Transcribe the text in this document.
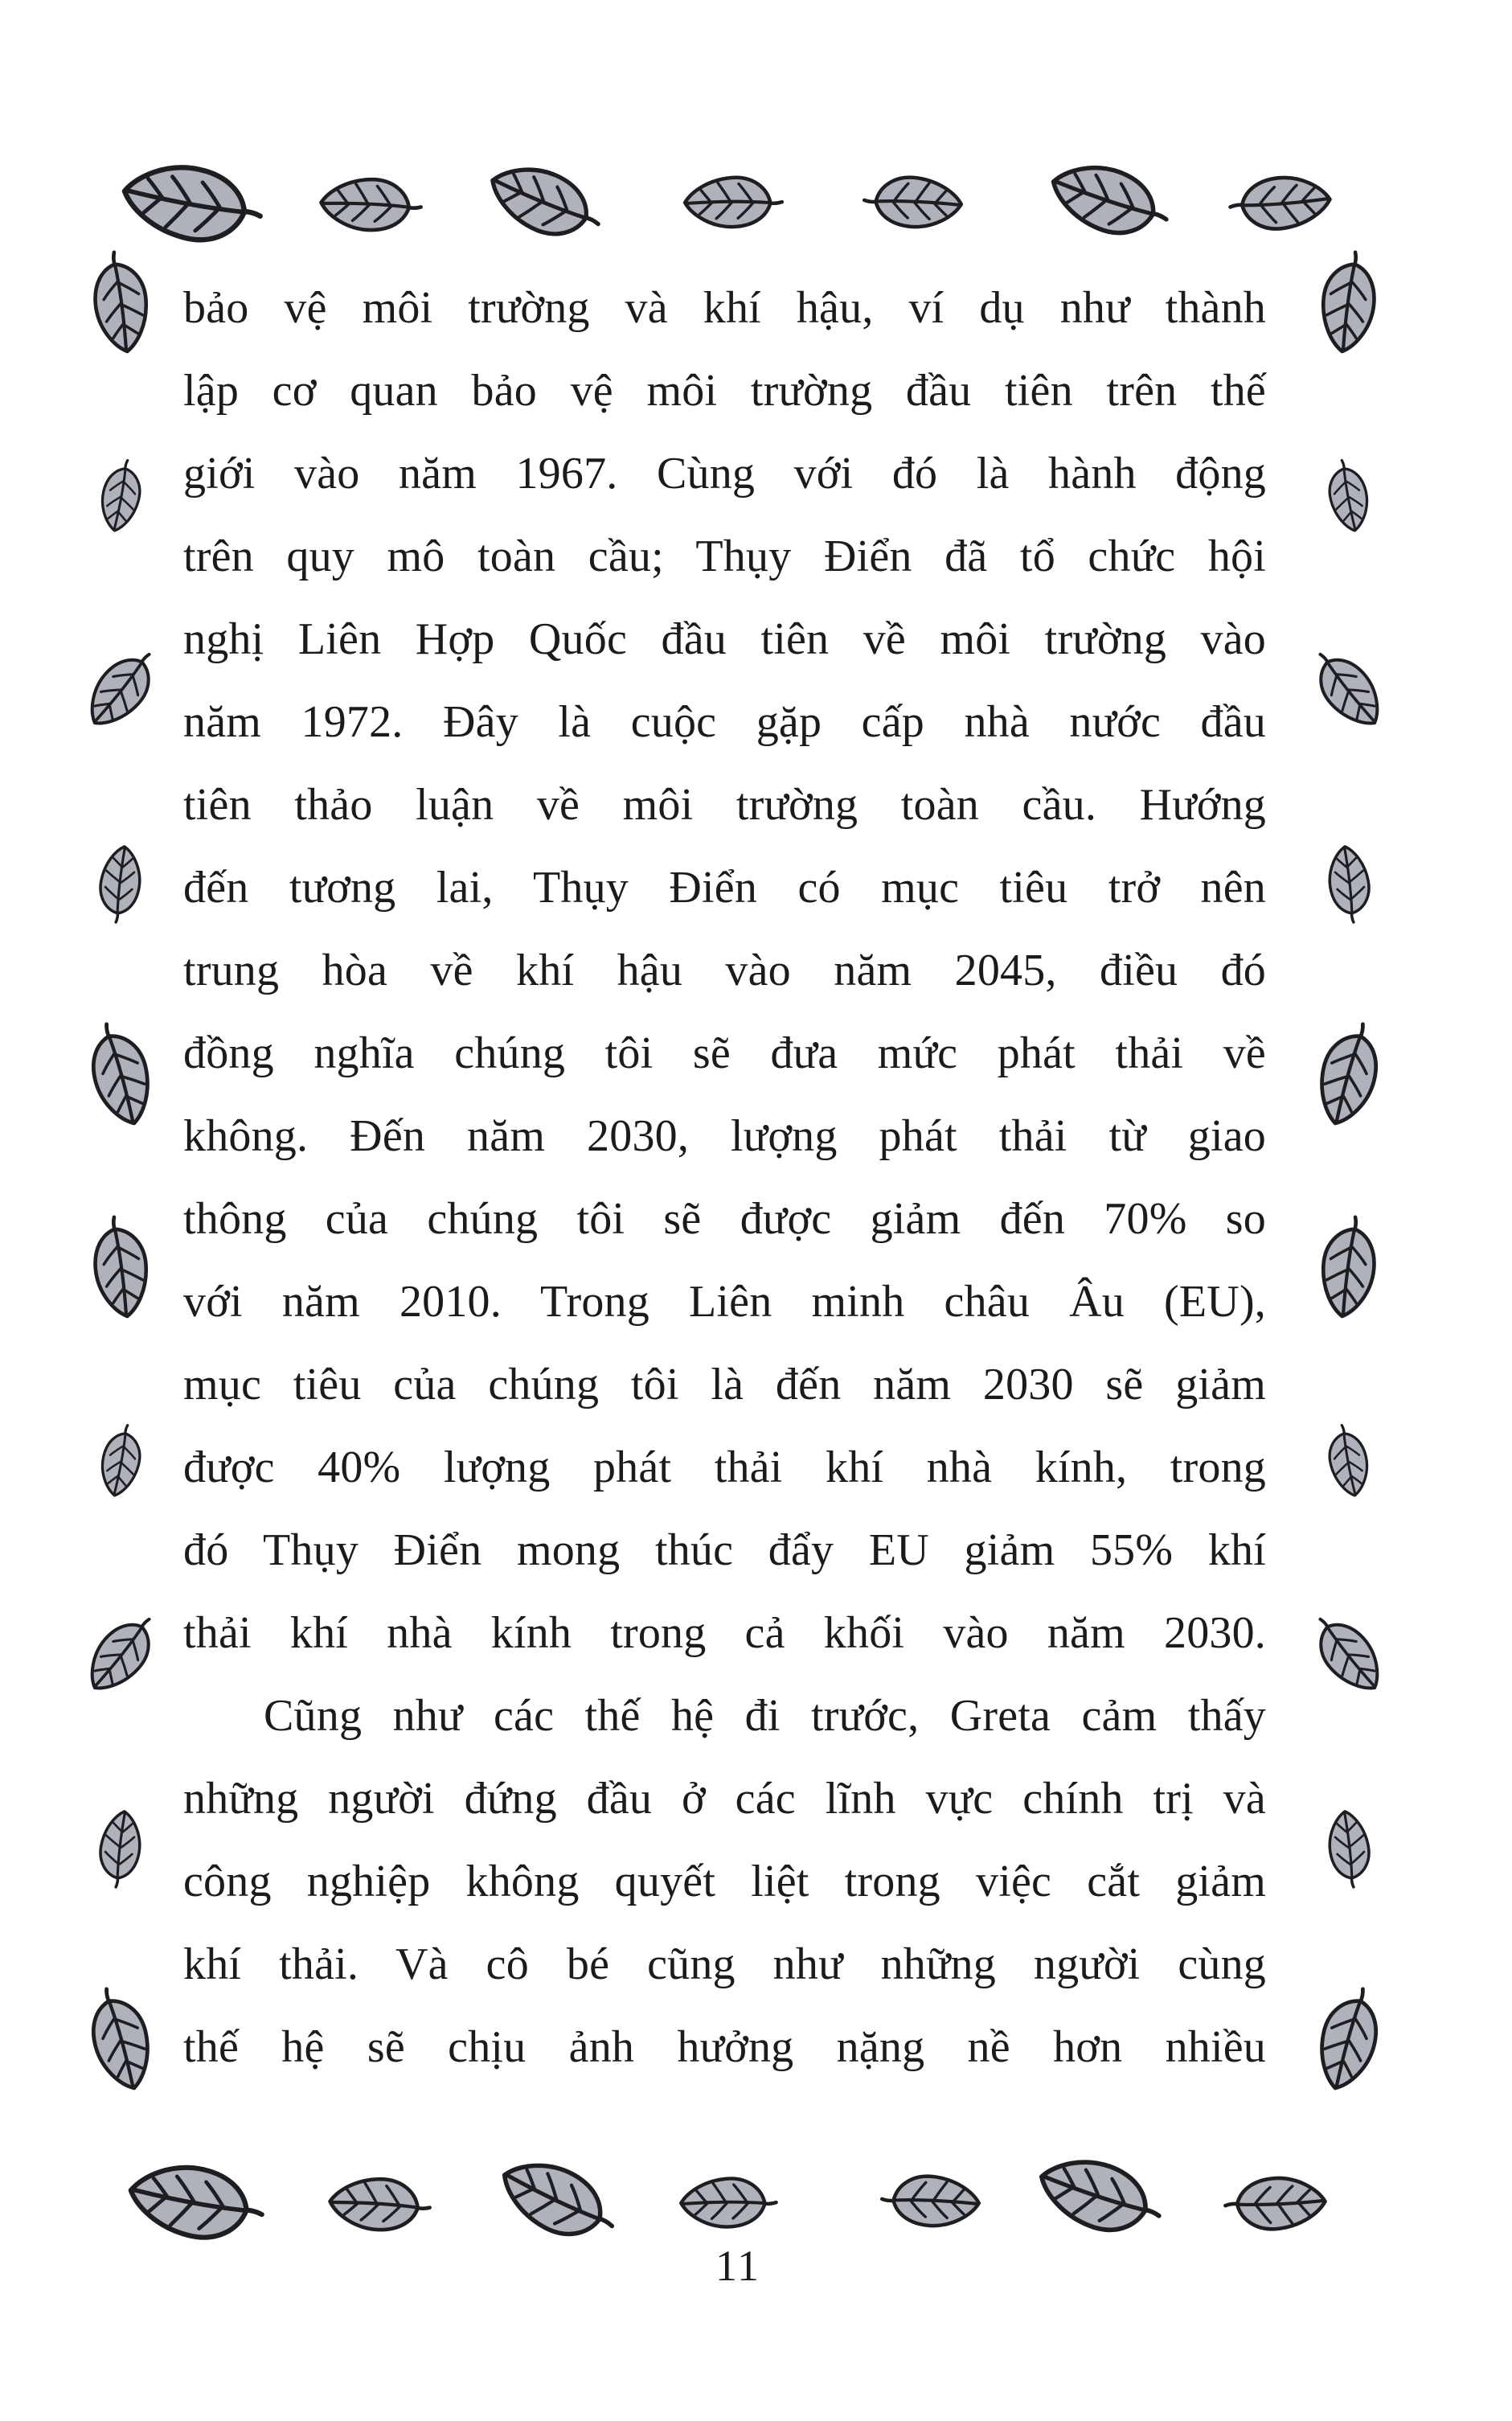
bảo vệ môi trường và khí hậu, ví dụ như thành
lập cơ quan bảo vệ môi trường đầu tiên trên thế
giới vào năm 1967. Cùng với đó là hành động
trên quy mô toàn cầu; Thụy Điển đã tổ chức hội
nghị Liên Hợp Quốc đầu tiên về môi trường vào
năm 1972. Đây là cuộc gặp cấp nhà nước đầu
tiên thảo luận về môi trường toàn cầu. Hướng
đến tương lai, Thụy Điển có mục tiêu trở nên
trung hòa về khí hậu vào năm 2045, điều đó
đồng nghĩa chúng tôi sẽ đưa mức phát thải về
không. Đến năm 2030, lượng phát thải từ giao
thông của chúng tôi sẽ được giảm đến 70% so
với năm 2010. Trong Liên minh châu Âu (EU),
mục tiêu của chúng tôi là đến năm 2030 sẽ giảm
được 40% lượng phát thải khí nhà kính, trong
đó Thụy Điển mong thúc đẩy EU giảm 55% khí
thải khí nhà kính trong cả khối vào năm 2030.
Cũng như các thế hệ đi trước, Greta cảm thấy
những người đứng đầu ở các lĩnh vực chính trị và
công nghiệp không quyết liệt trong việc cắt giảm
khí thải. Và cô bé cũng như những người cùng
thế hệ sẽ chịu ảnh hưởng nặng nề hơn nhiều
11
